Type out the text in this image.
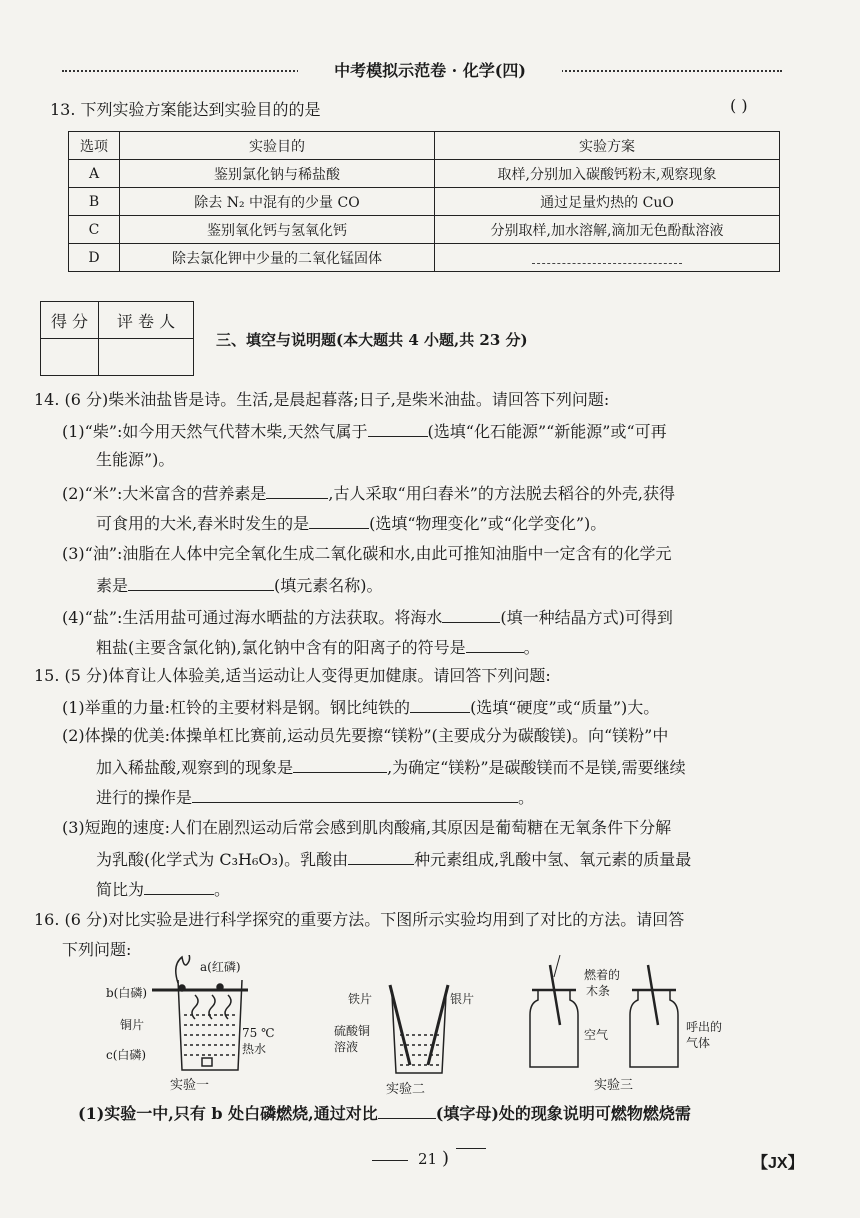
中考模拟示范卷 · 化学(四)
13. 下列实验方案能达到实验目的的是	( )
选项	实验目的	实验方案
A	鉴别氯化钠与稀盐酸	取样,分别加入碳酸钙粉末,观察现象
B	除去 N₂ 中混有的少量 CO	通过足量灼热的 CuO
C	鉴别氧化钙与氢氧化钙	分别取样,加水溶解,滴加无色酚酞溶液
D	除去氯化钾中少量的二氧化锰固体	
得 分	评 卷 人

三、填空与说明题(本大题共 4 小题,共 23 分)
14. (6 分)柴米油盐皆是诗。生活,是晨起暮落;日子,是柴米油盐。请回答下列问题:
(1)“柴”:如今用天然气代替木柴,天然气属于	(选填“化石能源”“新能源”或“可再
生能源”)。
(2)“米”:大米富含的营养素是	,古人采取“用臼舂米”的方法脱去稻谷的外壳,获得
可食用的大米,舂米时发生的是	(选填“物理变化”或“化学变化”)。
(3)“油”:油脂在人体中完全氧化生成二氧化碳和水,由此可推知油脂中一定含有的化学元
素是	(填元素名称)。
(4)“盐”:生活用盐可通过海水晒盐的方法获取。将海水	(填一种结晶方式)可得到
粗盐(主要含氯化钠),氯化钠中含有的阳离子的符号是	。
15. (5 分)体育让人体验美,适当运动让人变得更加健康。请回答下列问题:
(1)举重的力量:杠铃的主要材料是钢。钢比纯铁的	(选填“硬度”或“质量”)大。
(2)体操的优美:体操单杠比赛前,运动员先要擦“镁粉”(主要成分为碳酸镁)。向“镁粉”中
加入稀盐酸,观察到的现象是	,为确定“镁粉”是碳酸镁而不是镁,需要继续
进行的操作是	。
(3)短跑的速度:人们在剧烈运动后常会感到肌肉酸痛,其原因是葡萄糖在无氧条件下分解
为乳酸(化学式为 C₃H₆O₃)。乳酸由	种元素组成,乳酸中氢、氧元素的质量最
简比为	。
16. (6 分)对比实验是进行科学探究的重要方法。下图所示实验均用到了对比的方法。请回答
下列问题:
a(红磷)
b(白磷)
铜片
c(白磷)
75 ℃
热水
实验一
铁片	银片
硫酸铜
溶液
实验二
燃着的
木条
空气
呼出的
气体
实验三
(1)实验一中,只有 b 处白磷燃烧,通过对比	(填字母)处的现象说明可燃物燃烧需
21 )	【JX】
